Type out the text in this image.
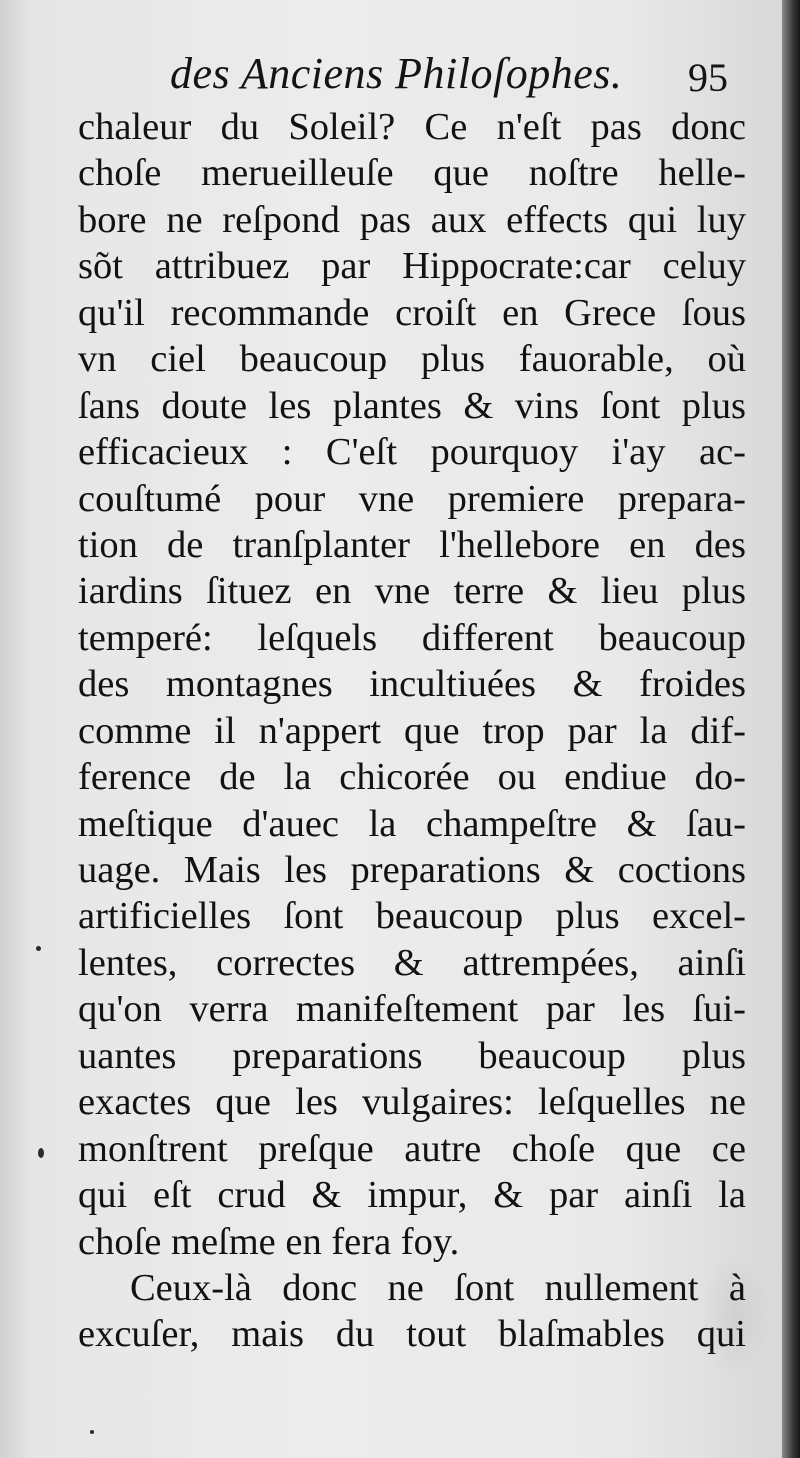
des Anciens Philoſophes. 95
chaleur du Soleil? Ce n'eſt pas donc
choſe merueilleuſe que noſtre helle-
bore ne reſpond pas aux effects qui luy
sõt attribuez par Hippocrate:car celuy
qu'il recommande croiſt en Grece ſous
vn ciel beaucoup plus fauorable, où
ſans doute les plantes & vins ſont plus
efficacieux : C'eſt pourquoy i'ay ac-
couſtumé pour vne premiere prepara-
tion de tranſplanter l'hellebore en des
iardins ſituez en vne terre & lieu plus
temperé: leſquels different beaucoup
des montagnes incultiuées & froides
comme il n'appert que trop par la dif-
ference de la chicorée ou endiue do-
meſtique d'auec la champeſtre & ſau-
uage. Mais les preparations & coctions
artificielles ſont beaucoup plus excel-
lentes, correctes & attrempées, ainſi
qu'on verra manifeſtement par les ſui-
uantes preparations beaucoup plus
exactes que les vulgaires: leſquelles ne
monſtrent preſque autre choſe que ce
qui eſt crud & impur, & par ainſi la
choſe meſme en fera foy.
Ceux-là donc ne ſont nullement à
excuſer, mais du tout blaſmables qui
